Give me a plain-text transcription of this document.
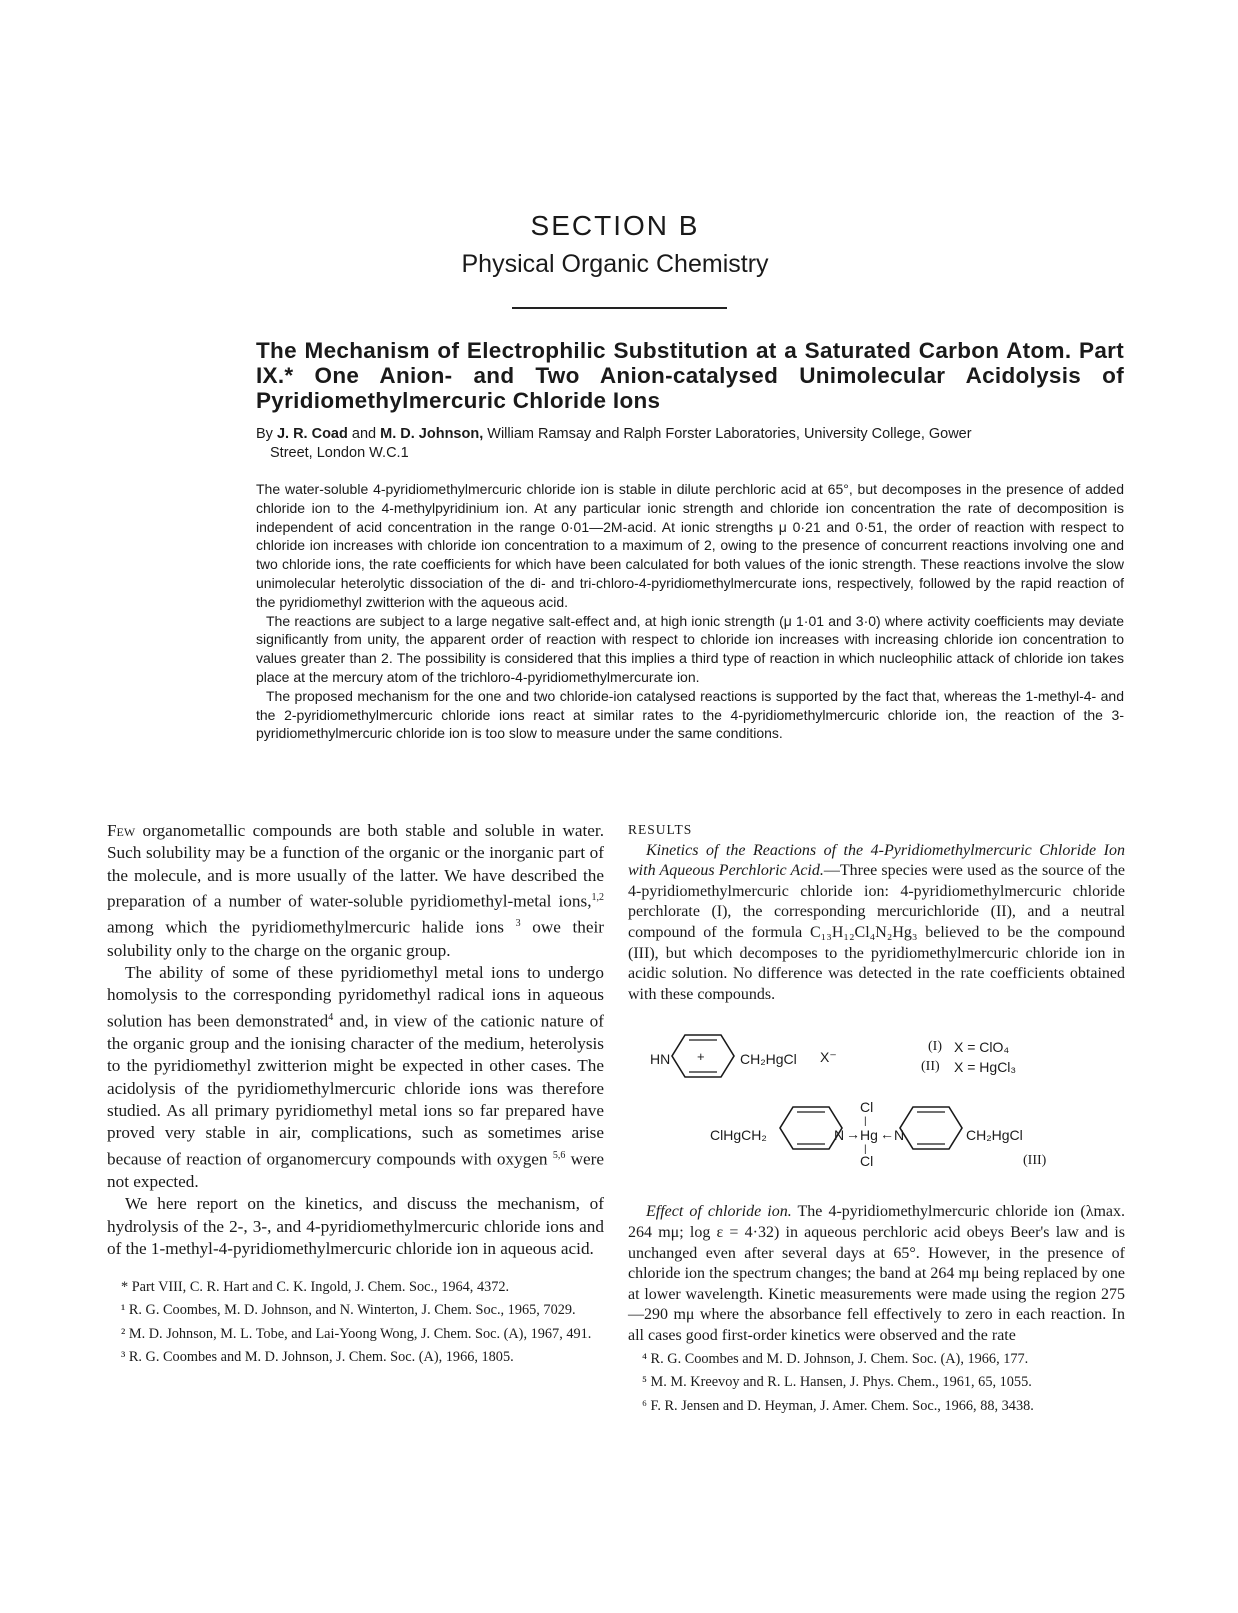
SECTION B
Physical Organic Chemistry
The Mechanism of Electrophilic Substitution at a Saturated Carbon Atom. Part IX.* One Anion- and Two Anion-catalysed Unimolecular Acidolysis of Pyridiomethylmercuric Chloride Ions
By J. R. Coad and M. D. Johnson, William Ramsay and Ralph Forster Laboratories, University College, Gower
Street, London W.C.1

The water-soluble 4-pyridiomethylmercuric chloride ion is stable in dilute perchloric acid at 65°, but decomposes in the presence of added chloride ion to the 4-methylpyridinium ion. At any particular ionic strength and chloride ion concentration the rate of decomposition is independent of acid concentration in the range 0·01—2M-acid. At ionic strengths μ 0·21 and 0·51, the order of reaction with respect to chloride ion increases with chloride ion concentration to a maximum of 2, owing to the presence of concurrent reactions involving one and two chloride ions, the rate coefficients for which have been calculated for both values of the ionic strength. These reactions involve the slow unimolecular heterolytic dissociation of the di- and tri-chloro-4-pyridiomethylmercurate ions, respectively, followed by the rapid reaction of the pyridiomethyl zwitterion with the aqueous acid.

The reactions are subject to a large negative salt-effect and, at high ionic strength (μ 1·01 and 3·0) where activity coefficients may deviate significantly from unity, the apparent order of reaction with respect to chloride ion increases with increasing chloride ion concentration to values greater than 2. The possibility is considered that this implies a third type of reaction in which nucleophilic attack of chloride ion takes place at the mercury atom of the trichloro-4-pyridiomethylmercurate ion.

The proposed mechanism for the one and two chloride-ion catalysed reactions is supported by the fact that, whereas the 1-methyl-4- and the 2-pyridiomethylmercuric chloride ions react at similar rates to the 4-pyridiomethylmercuric chloride ion, the reaction of the 3-pyridiomethylmercuric chloride ion is too slow to measure under the same conditions.

Few organometallic compounds are both stable and soluble in water. Such solubility may be a function of the organic or the inorganic part of the molecule, and is more usually of the latter. We have described the preparation of a number of water-soluble pyridiomethyl-metal ions,$^{1,2}$ among which the pyridiomethylmercuric halide ions $^3$ owe their solubility only to the charge on the organic group.

The ability of some of these pyridiomethyl metal ions to undergo homolysis to the corresponding pyridomethyl radical ions in aqueous solution has been demonstrated$^4$ and, in view of the cationic nature of the organic group and the ionising character of the medium, heterolysis to the pyridiomethyl zwitterion might be expected in other cases. The acidolysis of the pyridiomethylmercuric chloride ions was therefore studied. As all primary pyridiomethyl metal ions so far prepared have proved very stable in air, complications, such as sometimes arise because of reaction of organomercury compounds with oxygen $^{5,6}$ were not expected.

We here report on the kinetics, and discuss the mechanism, of hydrolysis of the 2-, 3-, and 4-pyridiomethylmercuric chloride ions and of the 1-methyl-4-pyridiomethylmercuric chloride ion in aqueous acid.

* Part VIII, C. R. Hart and C. K. Ingold, J. Chem. Soc., 1964, 4372.

¹ R. G. Coombes, M. D. Johnson, and N. Winterton, J. Chem. Soc., 1965, 7029.

² M. D. Johnson, M. L. Tobe, and Lai-Yoong Wong, J. Chem. Soc. (A), 1967, 491.

³ R. G. Coombes and M. D. Johnson, J. Chem. Soc. (A), 1966, 1805.

RESULTS

Kinetics of the Reactions of the 4-Pyridiomethylmercuric Chloride Ion with Aqueous Perchloric Acid.—Three species were used as the source of the 4-pyridiomethylmercuric chloride ion: 4-pyridiomethylmercuric chloride perchlorate (I), the corresponding mercurichloride (II), and a neutral compound of the formula C₁₃H₁₂Cl₄N₂Hg₃ believed to be the compound (III), but which decomposes to the pyridiomethylmercuric chloride ion in acidic solution. No difference was detected in the rate coefficients obtained with these compounds.

HN +	CH₂HgCl X⁻
(I) X = ClO₄
(II) X = HgCl₃
Cl
|
ClHgCH₂	N → Hg ← N	CH₂HgCl
|
Cl	(III)

Effect of chloride ion. The 4-pyridiomethylmercuric chloride ion (λmax. 264 mμ; log ε = 4·32) in aqueous perchloric acid obeys Beer's law and is unchanged even after several days at 65°. However, in the presence of chloride ion the spectrum changes; the band at 264 mμ being replaced by one at lower wavelength. Kinetic measurements were made using the region 275—290 mμ where the absorbance fell effectively to zero in each reaction. In all cases good first-order kinetics were observed and the rate

⁴ R. G. Coombes and M. D. Johnson, J. Chem. Soc. (A), 1966, 177.

⁵ M. M. Kreevoy and R. L. Hansen, J. Phys. Chem., 1961, 65, 1055.

⁶ F. R. Jensen and D. Heyman, J. Amer. Chem. Soc., 1966, 88, 3438.
